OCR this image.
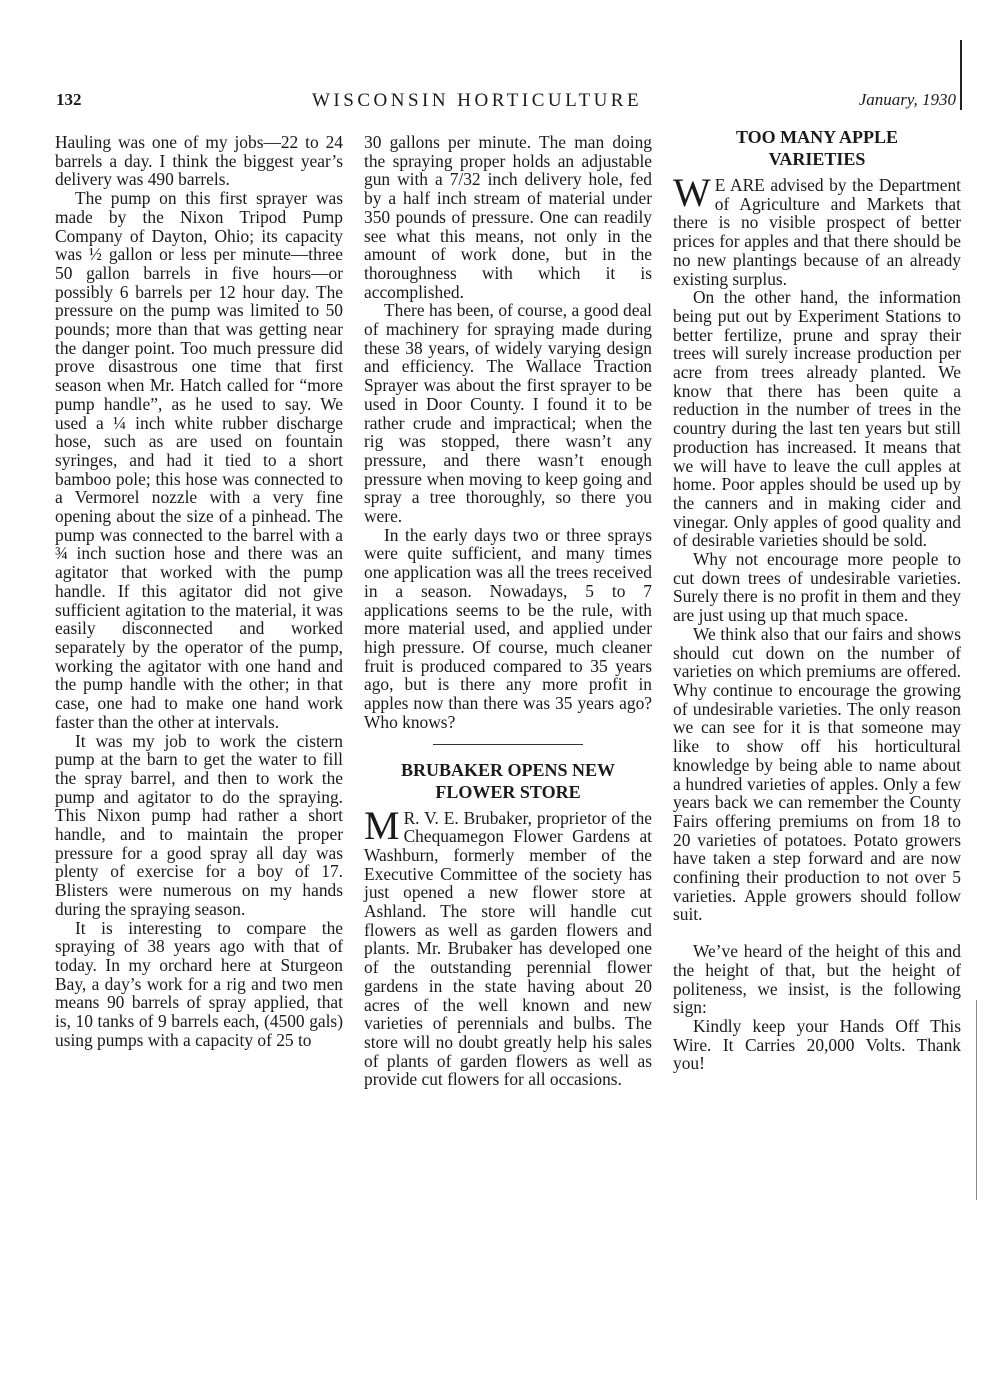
132	WISCONSIN HORTICULTURE	January, 1930

Hauling was one of my jobs—22 to 24 barrels a day. I think the biggest year’s delivery was 490 barrels.

The pump on this first sprayer was made by the Nixon Tripod Pump Company of Dayton, Ohio; its capacity was ½ gallon or less per minute—three 50 gallon barrels in five hours—or possibly 6 barrels per 12 hour day. The pressure on the pump was limited to 50 pounds; more than that was getting near the danger point. Too much pressure did prove disastrous one time that first season when Mr. Hatch called for “more pump handle”, as he used to say. We used a ¼ inch white rubber discharge hose, such as are used on fountain syringes, and had it tied to a short bamboo pole; this hose was connected to a Vermorel nozzle with a very fine opening about the size of a pinhead. The pump was connected to the barrel with a ¾ inch suction hose and there was an agitator that worked with the pump handle. If this agitator did not give sufficient agitation to the material, it was easily disconnected and worked separately by the operator of the pump, working the agitator with one hand and the pump handle with the other; in that case, one had to make one hand work faster than the other at intervals.

It was my job to work the cistern pump at the barn to get the water to fill the spray barrel, and then to work the pump and agitator to do the spraying. This Nixon pump had rather a short handle, and to maintain the proper pressure for a good spray all day was plenty of exercise for a boy of 17. Blisters were numerous on my hands during the spraying season.

It is interesting to compare the spraying of 38 years ago with that of today. In my orchard here at Sturgeon Bay, a day’s work for a rig and two men means 90 barrels of spray applied, that is, 10 tanks of 9 barrels each, (4500 gals) using pumps with a capacity of 25 to

30 gallons per minute. The man doing the spraying proper holds an adjustable gun with a 7/32 inch delivery hole, fed by a half inch stream of material under 350 pounds of pressure. One can readily see what this means, not only in the amount of work done, but in the thoroughness with which it is accomplished.

There has been, of course, a good deal of machinery for spraying made during these 38 years, of widely varying design and efficiency. The Wallace Traction Sprayer was about the first sprayer to be used in Door County. I found it to be rather crude and impractical; when the rig was stopped, there wasn’t any pressure, and there wasn’t enough pressure when moving to keep going and spray a tree thoroughly, so there you were.

In the early days two or three sprays were quite sufficient, and many times one application was all the trees received in a season. Nowadays, 5 to 7 applications seems to be the rule, with more material used, and applied under high pressure. Of course, much cleaner fruit is produced compared to 35 years ago, but is there any more profit in apples now than there was 35 years ago? Who knows?

BRUBAKER OPENS NEW

FLOWER STORE

M R. V. E. Brubaker, proprietor of the Chequamegon Flower Gardens at Washburn, formerly member of the Executive Committee of the society has just opened a new flower store at Ashland. The store will handle cut flowers as well as garden flowers and plants. Mr. Brubaker has developed one of the outstanding perennial flower gardens in the state having about 20 acres of the well known and new varieties of perennials and bulbs. The store will no doubt greatly help his sales of plants of garden flowers as well as provide cut flowers for all occasions.

TOO MANY APPLE

VARIETIES

W E ARE advised by the Department of Agriculture and Markets that there is no visible prospect of better prices for apples and that there should be no new plantings because of an already existing surplus.

On the other hand, the information being put out by Experiment Stations to better fertilize, prune and spray their trees will surely increase production per acre from trees already planted. We know that there has been quite a reduction in the number of trees in the country during the last ten years but still production has increased. It means that we will have to leave the cull apples at home. Poor apples should be used up by the canners and in making cider and vinegar. Only apples of good quality and of desirable varieties should be sold.

Why not encourage more people to cut down trees of undesirable varieties. Surely there is no profit in them and they are just using up that much space.

We think also that our fairs and shows should cut down on the number of varieties on which premiums are offered. Why continue to encourage the growing of undesirable varieties. The only reason we can see for it is that someone may like to show off his horticultural knowledge by being able to name about a hundred varieties of apples. Only a few years back we can remember the County Fairs offering premiums on from 18 to 20 varieties of potatoes. Potato growers have taken a step forward and are now confining their production to not over 5 varieties. Apple growers should follow suit.

We’ve heard of the height of this and the height of that, but the height of politeness, we insist, is the following sign:

Kindly keep your Hands Off This Wire. It Carries 20,000 Volts. Thank you!
